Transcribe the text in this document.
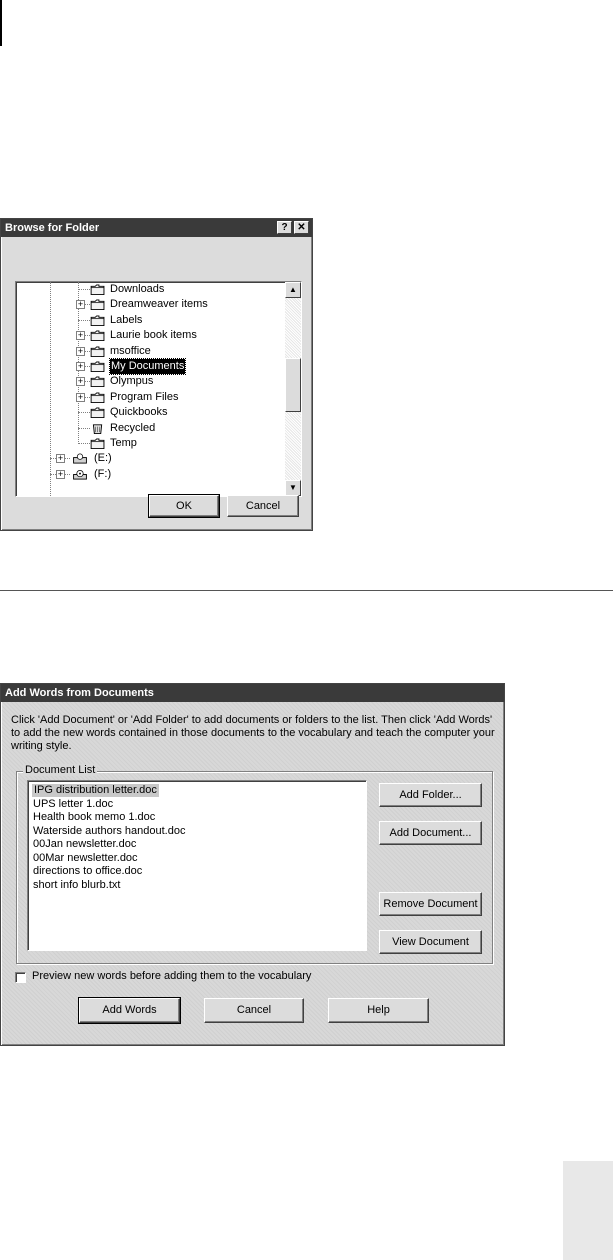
Browse for Folder	? ✕
Downloads
+ Dreamweaver items
Labels
+ Laurie book items
+ msoffice
+	My Documents
+ Olympus
+ Program Files
Quickbooks
Recycled
Temp
+	(E:)
+	(F:)
▲
▼
OK	Cancel
Add Words from Documents
Click 'Add Document' or 'Add Folder' to add documents or folders to the list. Then click 'Add Words' to add the new words contained in those documents to the vocabulary and teach the computer your writing style.
Document List
IPG distribution letter.doc
UPS letter 1.doc
Health book memo 1.doc
Waterside authors handout.doc
00Jan newsletter.doc
00Mar newsletter.doc
directions to office.doc
short info blurb.txt
Add Folder...
Add Document...
Remove Document
View Document
Preview new words before adding them to the vocabulary
Add Words	Cancel	Help
